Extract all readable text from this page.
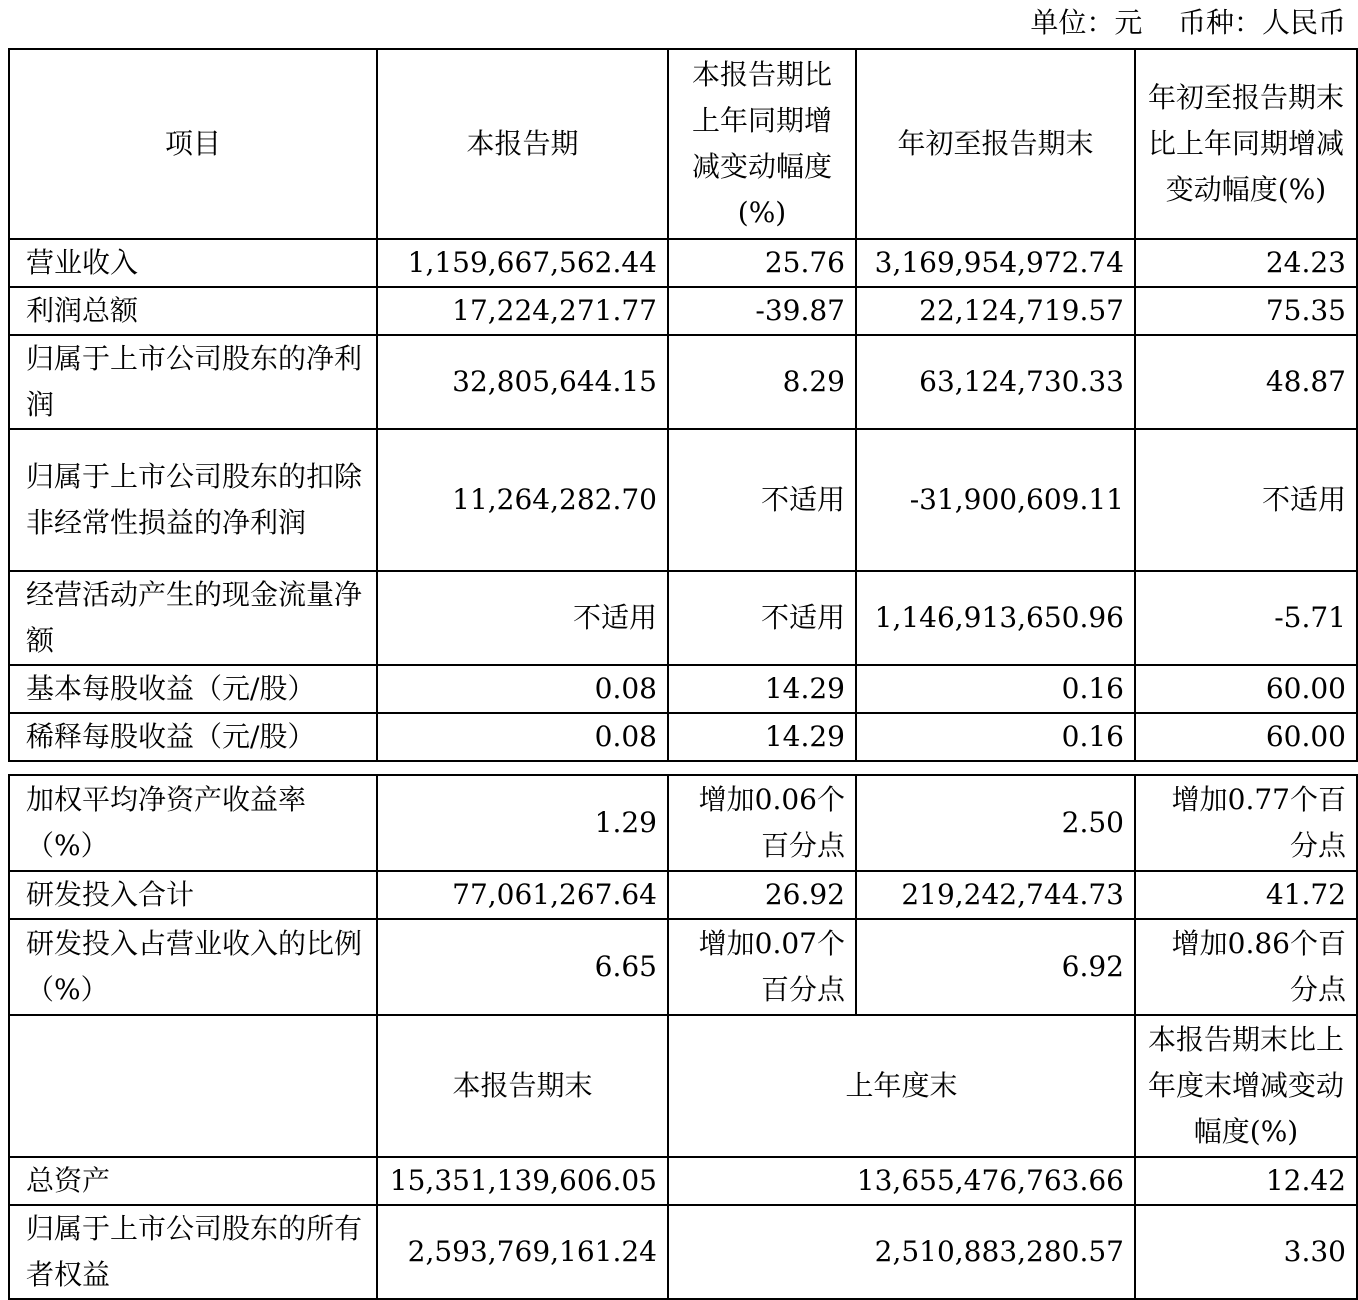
单位：元    币种：人民币
项目	本报告期	本报告期比上年同期增减变动幅度(%)	年初至报告期末	年初至报告期末比上年同期增减变动幅度(%)
营业收入	1,159,667,562.44	25.76	3,169,954,972.74	24.23
利润总额	17,224,271.77	-39.87	22,124,719.57	75.35
归属于上市公司股东的净利润	32,805,644.15	8.29	63,124,730.33	48.87
归属于上市公司股东的扣除非经常性损益的净利润	11,264,282.70	不适用	-31,900,609.11	不适用
经营活动产生的现金流量净额	不适用	不适用	1,146,913,650.96	-5.71
基本每股收益（元/股）	0.08	14.29	0.16	60.00
稀释每股收益（元/股）	0.08	14.29	0.16	60.00
加权平均净资产收益率（%）	1.29	增加0.06个百分点	2.50	增加0.77个百分点
研发投入合计	77,061,267.64	26.92	219,242,744.73	41.72
研发投入占营业收入的比例（%）	6.65	增加0.07个百分点	6.92	增加0.86个百分点
	本报告期末	上年度末		本报告期末比上年度末增减变动幅度(%)
总资产	15,351,139,606.05	13,655,476,763.66		12.42
归属于上市公司股东的所有者权益	2,593,769,161.24	2,510,883,280.57		3.30
